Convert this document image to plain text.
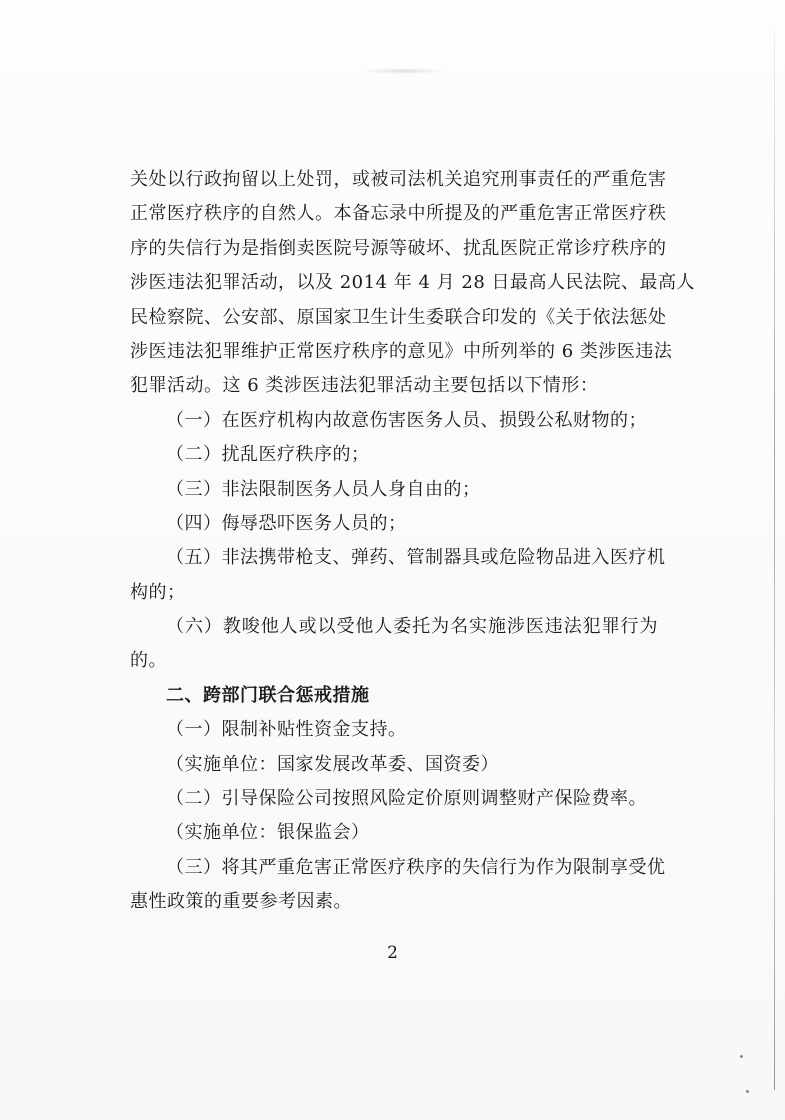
关处以行政拘留以上处罚，或被司法机关追究刑事责任的严重危害
正常医疗秩序的自然人。本备忘录中所提及的严重危害正常医疗秩
序的失信行为是指倒卖医院号源等破坏、扰乱医院正常诊疗秩序的
涉医违法犯罪活动，以及 2014 年 4 月 28 日最高人民法院、最高人
民检察院、公安部、原国家卫生计生委联合印发的《关于依法惩处
涉医违法犯罪维护正常医疗秩序的意见》中所列举的 6 类涉医违法
犯罪活动。这 6 类涉医违法犯罪活动主要包括以下情形：
（一）在医疗机构内故意伤害医务人员、损毁公私财物的；
（二）扰乱医疗秩序的；
（三）非法限制医务人员人身自由的；
（四）侮辱恐吓医务人员的；
（五）非法携带枪支、弹药、管制器具或危险物品进入医疗机
构的；
（六）教唆他人或以受他人委托为名实施涉医违法犯罪行为
的。
二、跨部门联合惩戒措施
（一）限制补贴性资金支持。
（实施单位：国家发展改革委、国资委）
（二）引导保险公司按照风险定价原则调整财产保险费率。
（实施单位：银保监会）
（三）将其严重危害正常医疗秩序的失信行为作为限制享受优
惠性政策的重要参考因素。
2
